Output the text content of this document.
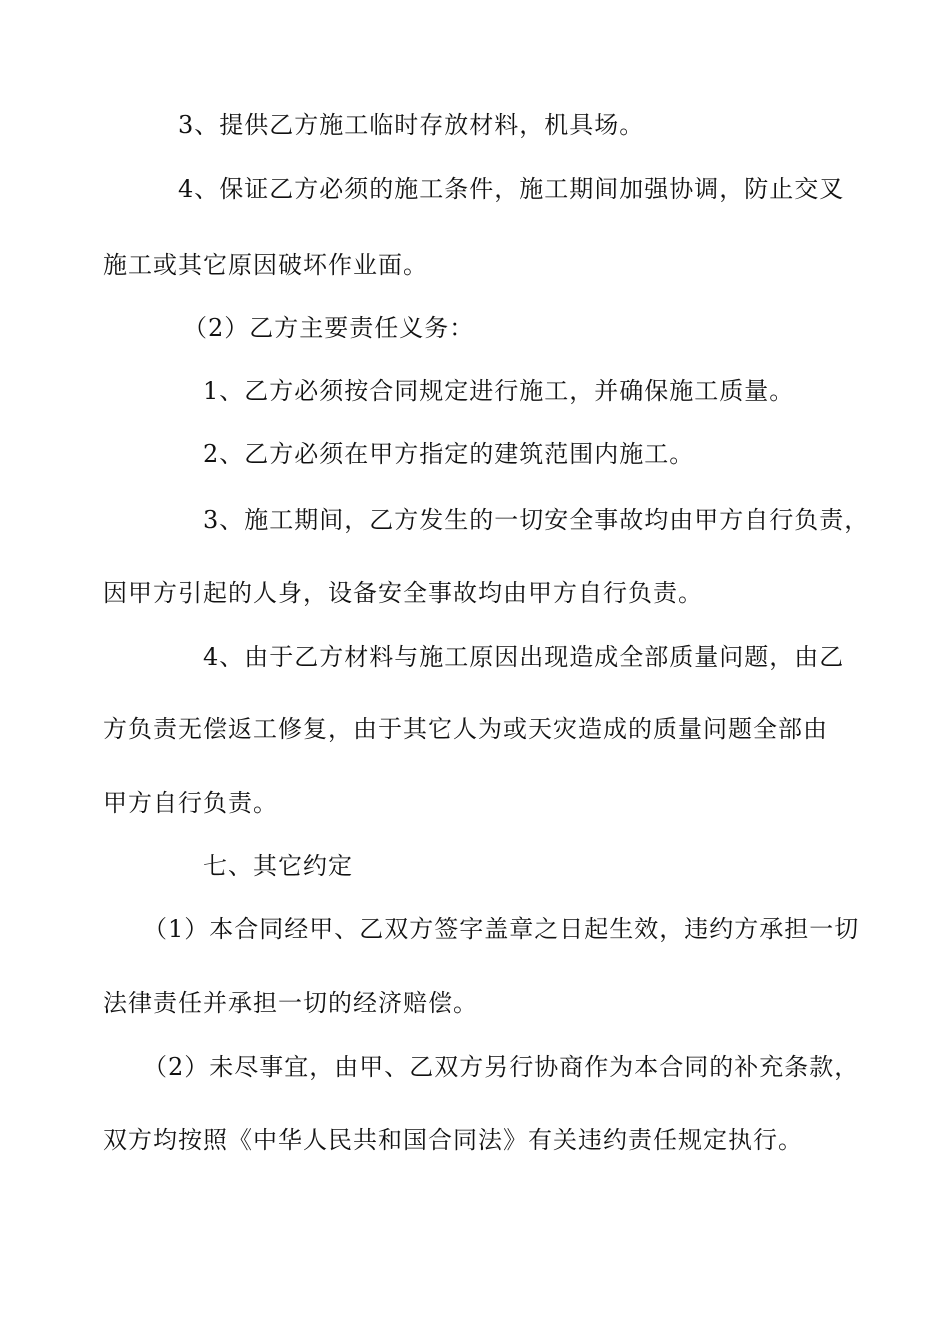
3、提供乙方施工临时存放材料，机具场。
4、保证乙方必须的施工条件，施工期间加强协调，防止交叉
施工或其它原因破坏作业面。
（2）乙方主要责任义务：
1、乙方必须按合同规定进行施工，并确保施工质量。
2、乙方必须在甲方指定的建筑范围内施工。
3、施工期间，乙方发生的一切安全事故均由甲方自行负责，
因甲方引起的人身，设备安全事故均由甲方自行负责。
4、由于乙方材料与施工原因出现造成全部质量问题，由乙
方负责无偿返工修复，由于其它人为或天灾造成的质量问题全部由
甲方自行负责。
七、其它约定
（1）本合同经甲、乙双方签字盖章之日起生效，违约方承担一切
法律责任并承担一切的经济赔偿。
（2）未尽事宜，由甲、乙双方另行协商作为本合同的补充条款，
双方均按照《中华人民共和国合同法》有关违约责任规定执行。
